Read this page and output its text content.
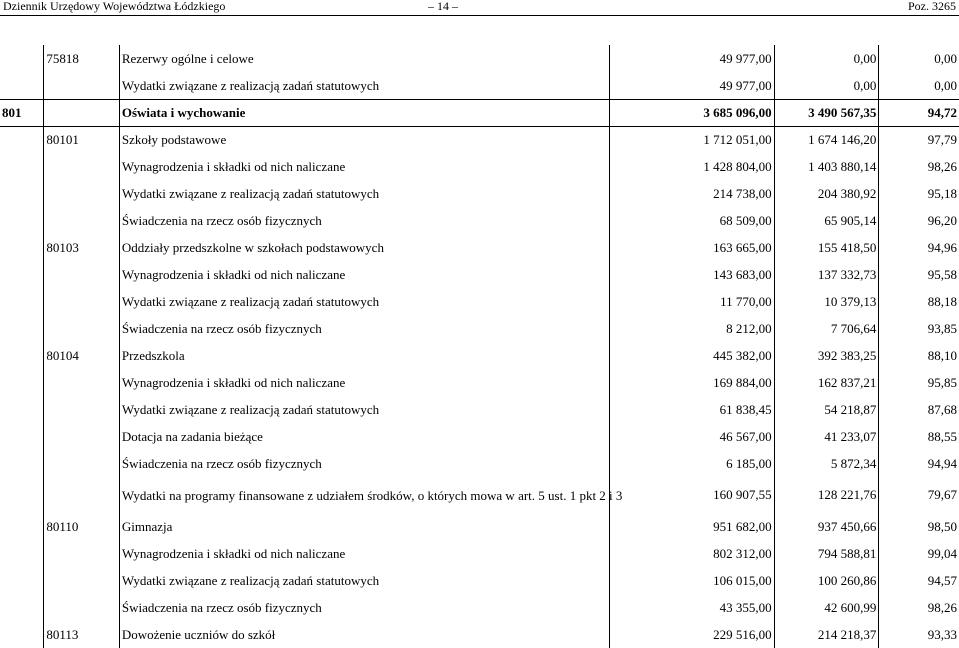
Dziennik Urzędowy Województwa Łódzkiego	– 14 –	Poz. 3265
	75818	Rezerwy ogólne i celowe	49 977,00	0,00	0,00
		Wydatki związane z realizacją zadań statutowych	49 977,00	0,00	0,00
801		Oświata i wychowanie	3 685 096,00	3 490 567,35	94,72
	80101	Szkoły podstawowe	1 712 051,00	1 674 146,20	97,79
		Wynagrodzenia i składki od nich naliczane	1 428 804,00	1 403 880,14	98,26
		Wydatki związane z realizacją zadań statutowych	214 738,00	204 380,92	95,18
		Świadczenia na rzecz osób fizycznych	68 509,00	65 905,14	96,20
	80103	Oddziały przedszkolne w szkołach podstawowych	163 665,00	155 418,50	94,96
		Wynagrodzenia i składki od nich naliczane	143 683,00	137 332,73	95,58
		Wydatki związane z realizacją zadań statutowych	11 770,00	10 379,13	88,18
		Świadczenia na rzecz osób fizycznych	8 212,00	7 706,64	93,85
	80104	Przedszkola	445 382,00	392 383,25	88,10
		Wynagrodzenia i składki od nich naliczane	169 884,00	162 837,21	95,85
		Wydatki związane z realizacją zadań statutowych	61 838,45	54 218,87	87,68
		Dotacja na zadania bieżące	46 567,00	41 233,07	88,55
		Świadczenia na rzecz osób fizycznych	6 185,00	5 872,34	94,94
		Wydatki na programy finansowane z udziałem środków, o których mowa w art. 5 ust. 1 pkt 2 i 3	160 907,55	128 221,76	79,67
	80110	Gimnazja	951 682,00	937 450,66	98,50
		Wynagrodzenia i składki od nich naliczane	802 312,00	794 588,81	99,04
		Wydatki związane z realizacją zadań statutowych	106 015,00	100 260,86	94,57
		Świadczenia na rzecz osób fizycznych	43 355,00	42 600,99	98,26
	80113	Dowożenie uczniów do szkół	229 516,00	214 218,37	93,33
